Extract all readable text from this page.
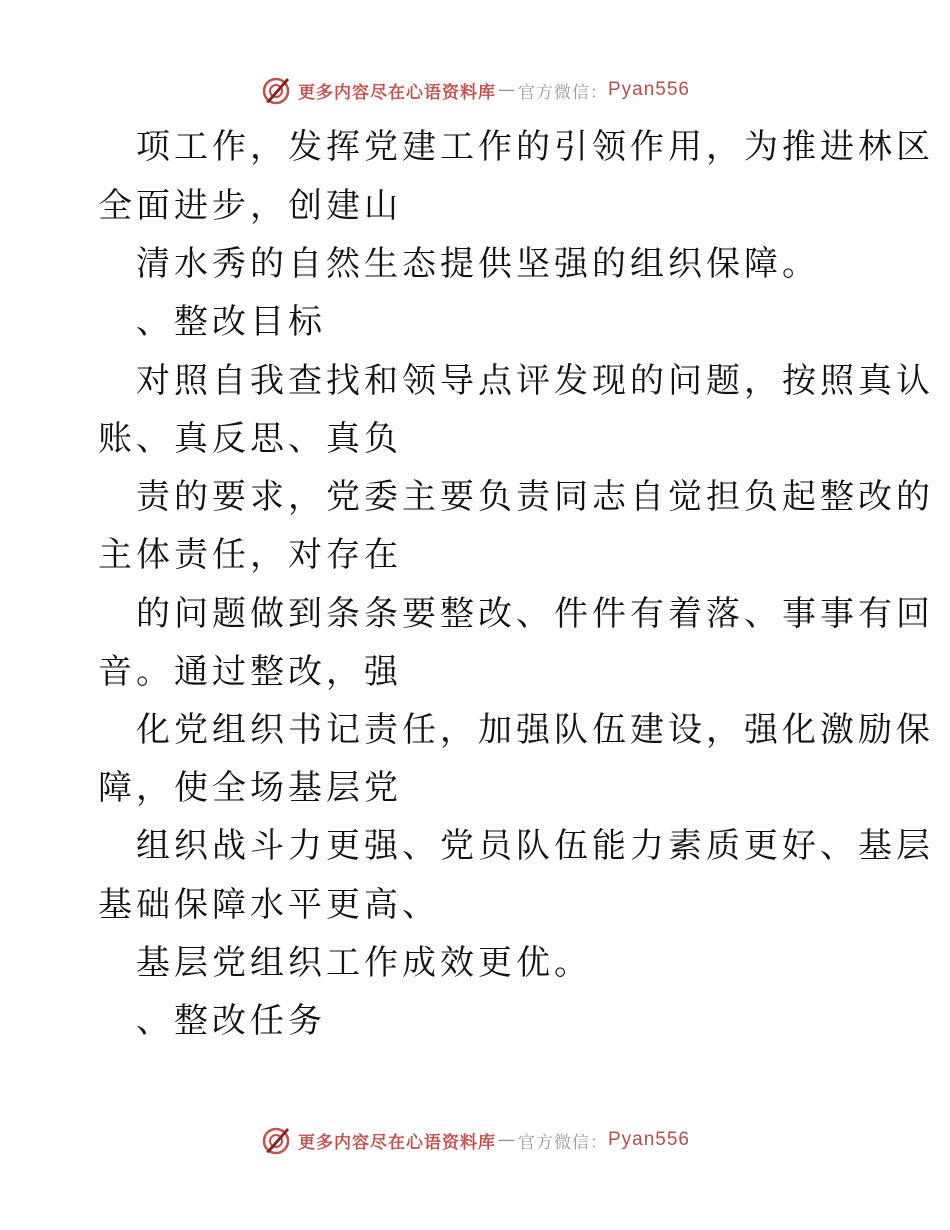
更多内容尽在心语资料库 — 官方微信： Pyan556

项工作，发挥党建工作的引领作用，为推进林区

全面进步，创建山

清水秀的自然生态提供坚强的组织保障。

、整改目标

对照自我查找和领导点评发现的问题，按照真认

账、真反思、真负

责的要求，党委主要负责同志自觉担负起整改的

主体责任，对存在

的问题做到条条要整改、件件有着落、事事有回

音。通过整改，强

化党组织书记责任，加强队伍建设，强化激励保

障，使全场基层党

组织战斗力更强、党员队伍能力素质更好、基层

基础保障水平更高、

基层党组织工作成效更优。

、整改任务

更多内容尽在心语资料库 — 官方微信： Pyan556
